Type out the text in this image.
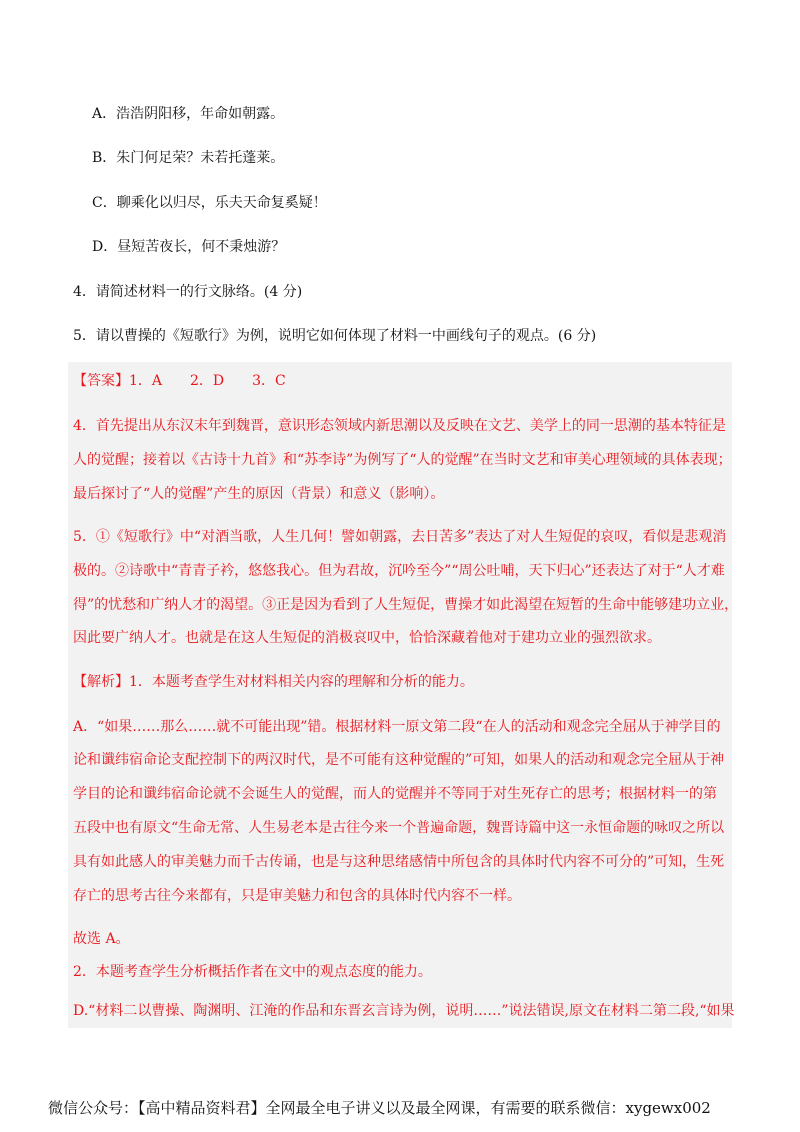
A．浩浩阴阳移，年命如朝露。
B．朱门何足荣？未若托蓬莱。
C．聊乘化以归尽，乐夫天命复奚疑！
D．昼短苦夜长，何不秉烛游？
4．请简述材料一的行文脉络。(4 分)
5．请以曹操的《短歌行》为例，说明它如何体现了材料一中画线句子的观点。(6 分)
【答案】1．A　　2．D　　3．C
4．首先提出从东汉末年到魏晋，意识形态领域内新思潮以及反映在文艺、美学上的同一思潮的基本特征是
人的觉醒；接着以《古诗十九首》和“苏李诗”为例写了“人的觉醒”在当时文艺和审美心理领域的具体表现；
最后探讨了“人的觉醒”产生的原因（背景）和意义（影响）。
5．①《短歌行》中“对酒当歌，人生几何！譬如朝露，去日苦多”表达了对人生短促的哀叹，看似是悲观消
极的。②诗歌中“青青子衿，悠悠我心。但为君故，沉吟至今”“周公吐哺，天下归心”还表达了对于“人才难
得”的忧愁和广纳人才的渴望。③正是因为看到了人生短促，曹操才如此渴望在短暂的生命中能够建功立业，
因此要广纳人才。也就是在这人生短促的消极哀叹中，恰恰深藏着他对于建功立业的强烈欲求。
【解析】1．本题考查学生对材料相关内容的理解和分析的能力。
A．“如果……那么……就不可能出现”错。根据材料一原文第二段“在人的活动和观念完全屈从于神学目的
论和谶纬宿命论支配控制下的两汉时代，是不可能有这种觉醒的”可知，如果人的活动和观念完全屈从于神
学目的论和谶纬宿命论就不会诞生人的觉醒，而人的觉醒并不等同于对生死存亡的思考；根据材料一的第
五段中也有原文“生命无常、人生易老本是古往今来一个普遍命题，魏晋诗篇中这一永恒命题的咏叹之所以
具有如此感人的审美魅力而千古传诵，也是与这种思绪感情中所包含的具体时代内容不可分的”可知，生死
存亡的思考古往今来都有，只是审美魅力和包含的具体时代内容不一样。
故选 A。
2．本题考查学生分析概括作者在文中的观点态度的能力。
D.“材料二以曹操、陶渊明、江淹的作品和东晋玄言诗为例，说明……”说法错误,原文在材料二第二段,“如果
微信公众号：【高中精品资料君】全网最全电子讲义以及最全网课，有需要的联系微信：xygewx002
